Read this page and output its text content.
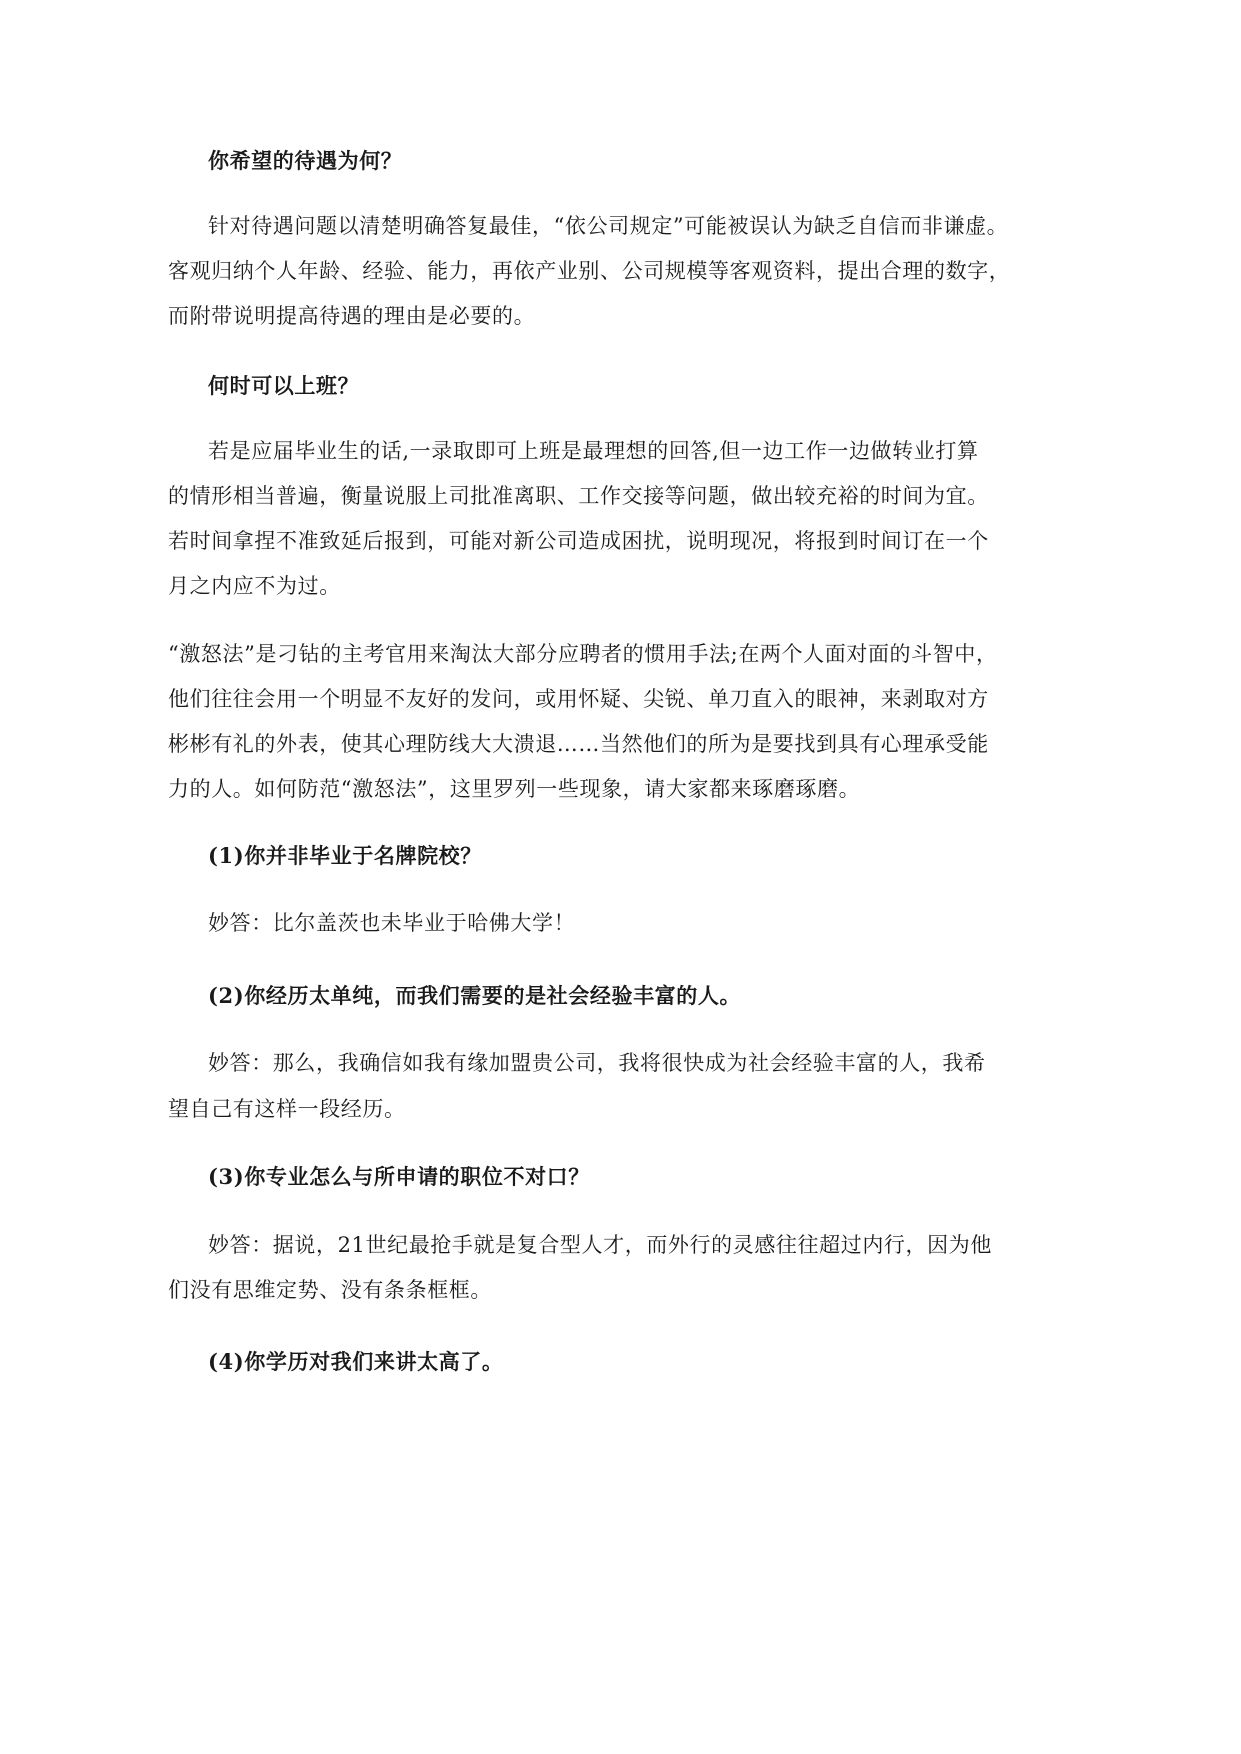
你希望的待遇为何？
针对待遇问题以清楚明确答复最佳，“依公司规定”可能被误认为缺乏自信而非谦虚。
客观归纳个人年龄、经验、能力，再依产业别、公司规模等客观资料，提出合理的数字，
而附带说明提高待遇的理由是必要的。
何时可以上班？
若是应届毕业生的话,一录取即可上班是最理想的回答,但一边工作一边做转业打算
的情形相当普遍，衡量说服上司批准离职、工作交接等问题，做出较充裕的时间为宜。
若时间拿捏不准致延后报到，可能对新公司造成困扰，说明现况，将报到时间订在一个
月之内应不为过。
“激怒法”是刁钻的主考官用来淘汰大部分应聘者的惯用手法;在两个人面对面的斗智中，
他们往往会用一个明显不友好的发问，或用怀疑、尖锐、单刀直入的眼神，来剥取对方
彬彬有礼的外表，使其心理防线大大溃退……当然他们的所为是要找到具有心理承受能
力的人。如何防范“激怒法”，这里罗列一些现象，请大家都来琢磨琢磨。
(1)你并非毕业于名牌院校？
妙答：比尔盖茨也未毕业于哈佛大学！
(2)你经历太单纯，而我们需要的是社会经验丰富的人。
妙答：那么，我确信如我有缘加盟贵公司，我将很快成为社会经验丰富的人，我希
望自己有这样一段经历。
(3)你专业怎么与所申请的职位不对口？
妙答：据说，21世纪最抢手就是复合型人才，而外行的灵感往往超过内行，因为他
们没有思维定势、没有条条框框。
(4)你学历对我们来讲太高了。
